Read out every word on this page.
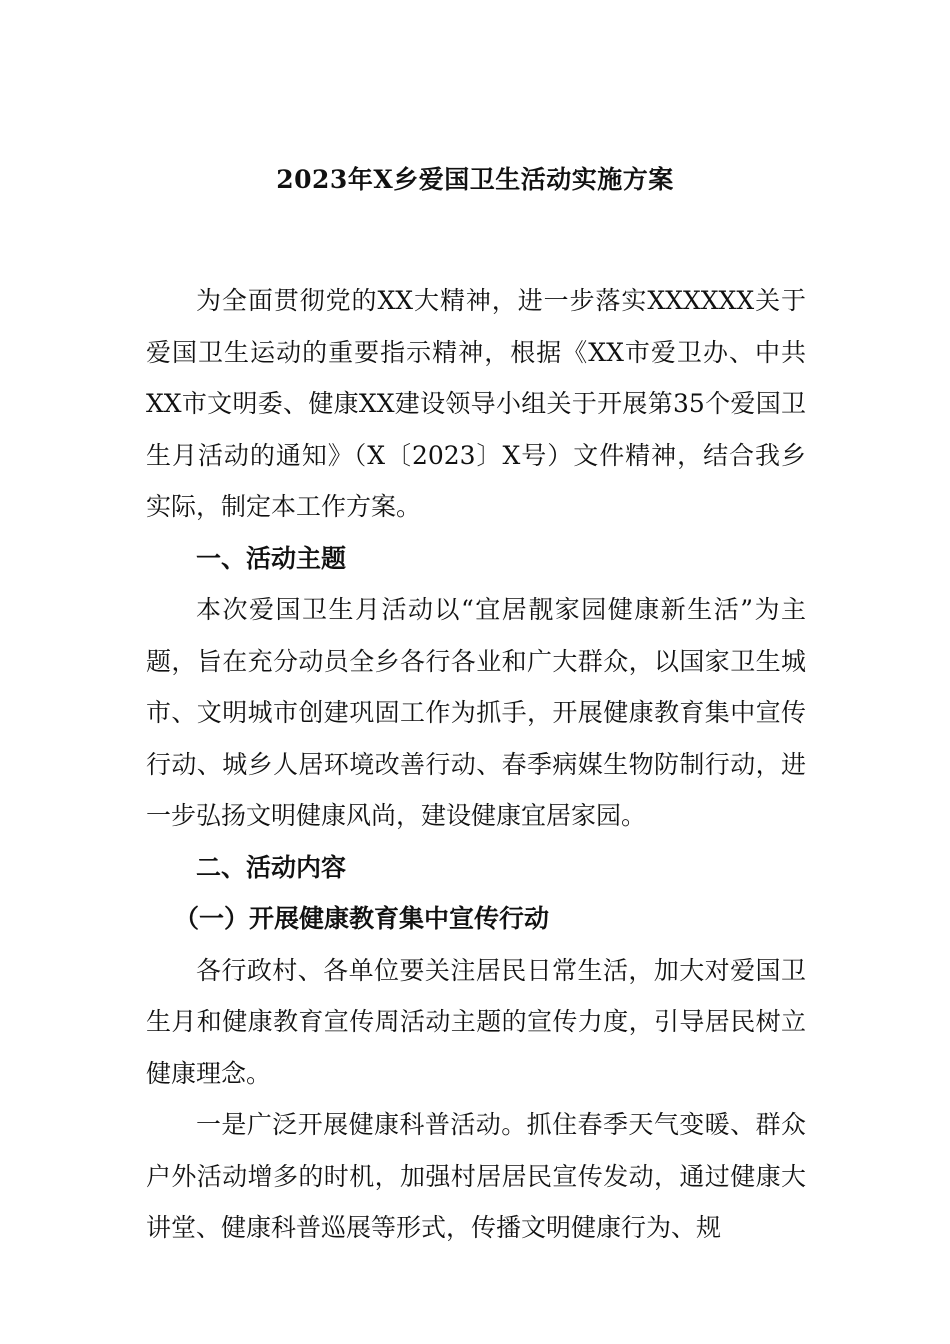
2023年X乡爱国卫生活动实施方案

为全面贯彻党的XX大精神，进一步落实XXXXXX关于爱国卫生运动的重要指示精神，根据《XX市爱卫办、中共XX市文明委、健康XX建设领导小组关于开展第35个爱国卫生月活动的通知》（X〔2023〕X号）文件精神，结合我乡实际，制定本工作方案。

一、活动主题

本次爱国卫生月活动以“宜居靓家园健康新生活”为主题，旨在充分动员全乡各行各业和广大群众，以国家卫生城市、文明城市创建巩固工作为抓手，开展健康教育集中宣传行动、城乡人居环境改善行动、春季病媒生物防制行动，进一步弘扬文明健康风尚，建设健康宜居家园。

二、活动内容

（一）开展健康教育集中宣传行动

各行政村、各单位要关注居民日常生活，加大对爱国卫生月和健康教育宣传周活动主题的宣传力度，引导居民树立健康理念。

一是广泛开展健康科普活动。抓住春季天气变暖、群众户外活动增多的时机，加强村居居民宣传发动，通过健康大讲堂、健康科普巡展等形式，传播文明健康行为、规
